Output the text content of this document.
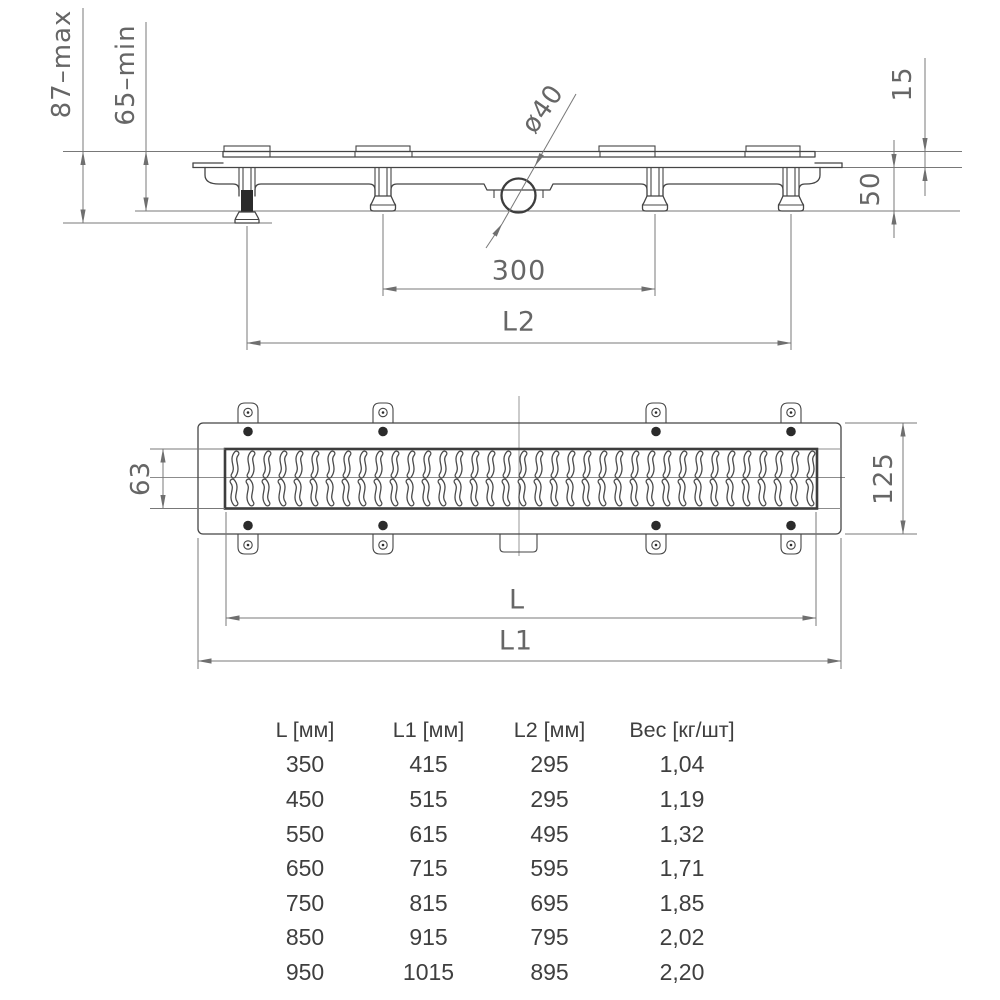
87–max 65–min	15
50
ø40
300
L2
63	125
L
L1
L [мм]	L1 [мм]	L2 [мм]	Вес [кг/шт]
350	415	295	1,04
450	515	295	1,19
550	615	495	1,32
650	715	595	1,71
750	815	695	1,85
850	915	795	2,02
950	1015	895	2,20
